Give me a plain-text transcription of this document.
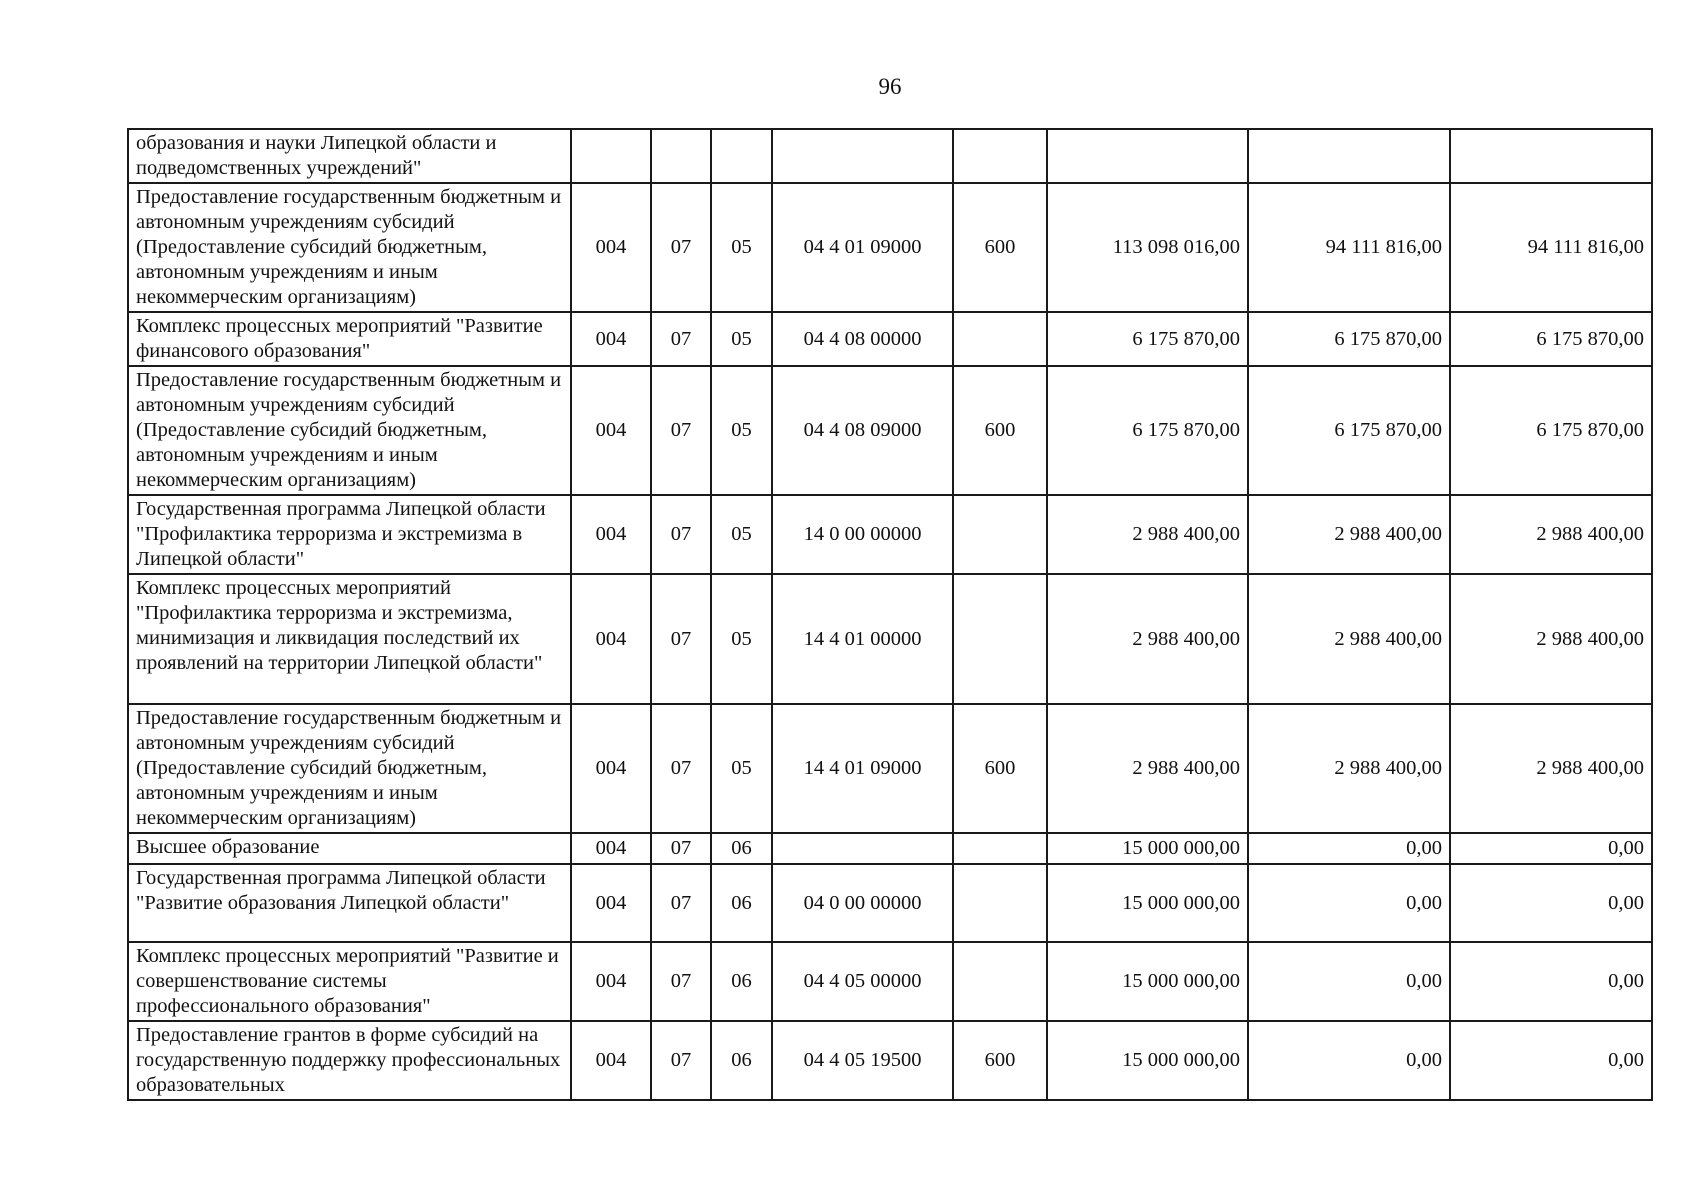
96
образования и науки Липецкой области и подведомственных учреждений"								
Предоставление государственным бюджетным и автономным учреждениям субсидий (Предоставление субсидий бюджетным, автономным учреждениям и иным некоммерческим организациям)	004	07	05	04 4 01 09000	600	113 098 016,00	94 111 816,00	94 111 816,00
Комплекс процессных мероприятий "Развитие финансового образования"	004	07	05	04 4 08 00000		6 175 870,00	6 175 870,00	6 175 870,00
Предоставление государственным бюджетным и автономным учреждениям субсидий (Предоставление субсидий бюджетным, автономным учреждениям и иным некоммерческим организациям)	004	07	05	04 4 08 09000	600	6 175 870,00	6 175 870,00	6 175 870,00
Государственная программа Липецкой области "Профилактика терроризма и экстремизма в Липецкой области"	004	07	05	14 0 00 00000		2 988 400,00	2 988 400,00	2 988 400,00
Комплекс процессных мероприятий "Профилактика терроризма и экстремизма, минимизация и ликвидация последствий их проявлений на территории Липецкой области"	004	07	05	14 4 01 00000		2 988 400,00	2 988 400,00	2 988 400,00
Предоставление государственным бюджетным и автономным учреждениям субсидий (Предоставление субсидий бюджетным, автономным учреждениям и иным некоммерческим организациям)	004	07	05	14 4 01 09000	600	2 988 400,00	2 988 400,00	2 988 400,00
Высшее образование	004	07	06			15 000 000,00	0,00	0,00
Государственная программа Липецкой области "Развитие образования Липецкой области"	004	07	06	04 0 00 00000		15 000 000,00	0,00	0,00
Комплекс процессных мероприятий "Развитие и совершенствование системы профессионального образования"	004	07	06	04 4 05 00000		15 000 000,00	0,00	0,00
Предоставление грантов в форме субсидий на государственную поддержку профессиональных образовательных	004	07	06	04 4 05 19500	600	15 000 000,00	0,00	0,00
